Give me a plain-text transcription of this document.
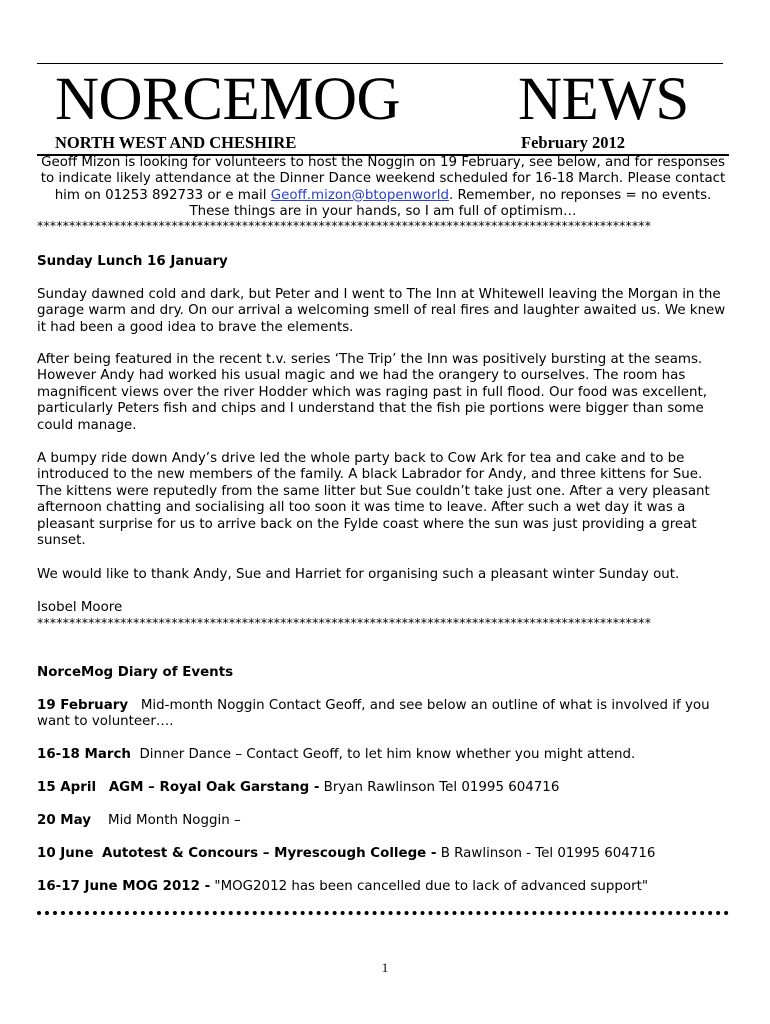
NORCEMOG NEWS
NORTH WEST AND CHESHIRE	February 2012
Geoff Mizon is looking for volunteers to host the Noggin on 19 February, see below, and for responses to indicate likely attendance at the Dinner Dance weekend scheduled for 16-18 March. Please contact him on 01253 892733 or e mail Geoff.mizon@btopenworld. Remember, no reponses = no events. These things are in your hands, so I am full of optimism…
************************************************************************************************

Sunday Lunch 16 January

Sunday dawned cold and dark, but Peter and I went to The Inn at Whitewell leaving the Morgan in the garage warm and dry. On our arrival a welcoming smell of real fires and laughter awaited us. We knew it had been a good idea to brave the elements.

After being featured in the recent t.v. series ‘The Trip’ the Inn was positively bursting at the seams. However Andy had worked his usual magic and we had the orangery to ourselves. The room has magnificent views over the river Hodder which was raging past in full flood. Our food was excellent, particularly Peters fish and chips and I understand that the fish pie portions were bigger than some could manage.

A bumpy ride down Andy’s drive led the whole party back to Cow Ark for tea and cake and to be introduced to the new members of the family. A black Labrador for Andy, and three kittens for Sue. The kittens were reputedly from the same litter but Sue couldn’t take just one. After a very pleasant afternoon chatting and socialising all too soon it was time to leave. After such a wet day it was a pleasant surprise for us to arrive back on the Fylde coast where the sun was just providing a great sunset.

We would like to thank Andy, Sue and Harriet for organising such a pleasant winter Sunday out.

Isobel Moore

************************************************************************************************

NorceMog Diary of Events

19 February Mid-month Noggin Contact Geoff, and see below an outline of what is involved if you want to volunteer….

16-18 March Dinner Dance – Contact Geoff, to let him know whether you might attend.

15 April AGM – Royal Oak Garstang - Bryan Rawlinson Tel 01995 604716

20 May Mid Month Noggin –

10 June Autotest & Concours – Myrescough College - B Rawlinson - Tel 01995 604716

16-17 June MOG 2012 - "MOG2012 has been cancelled due to lack of advanced support"

1
